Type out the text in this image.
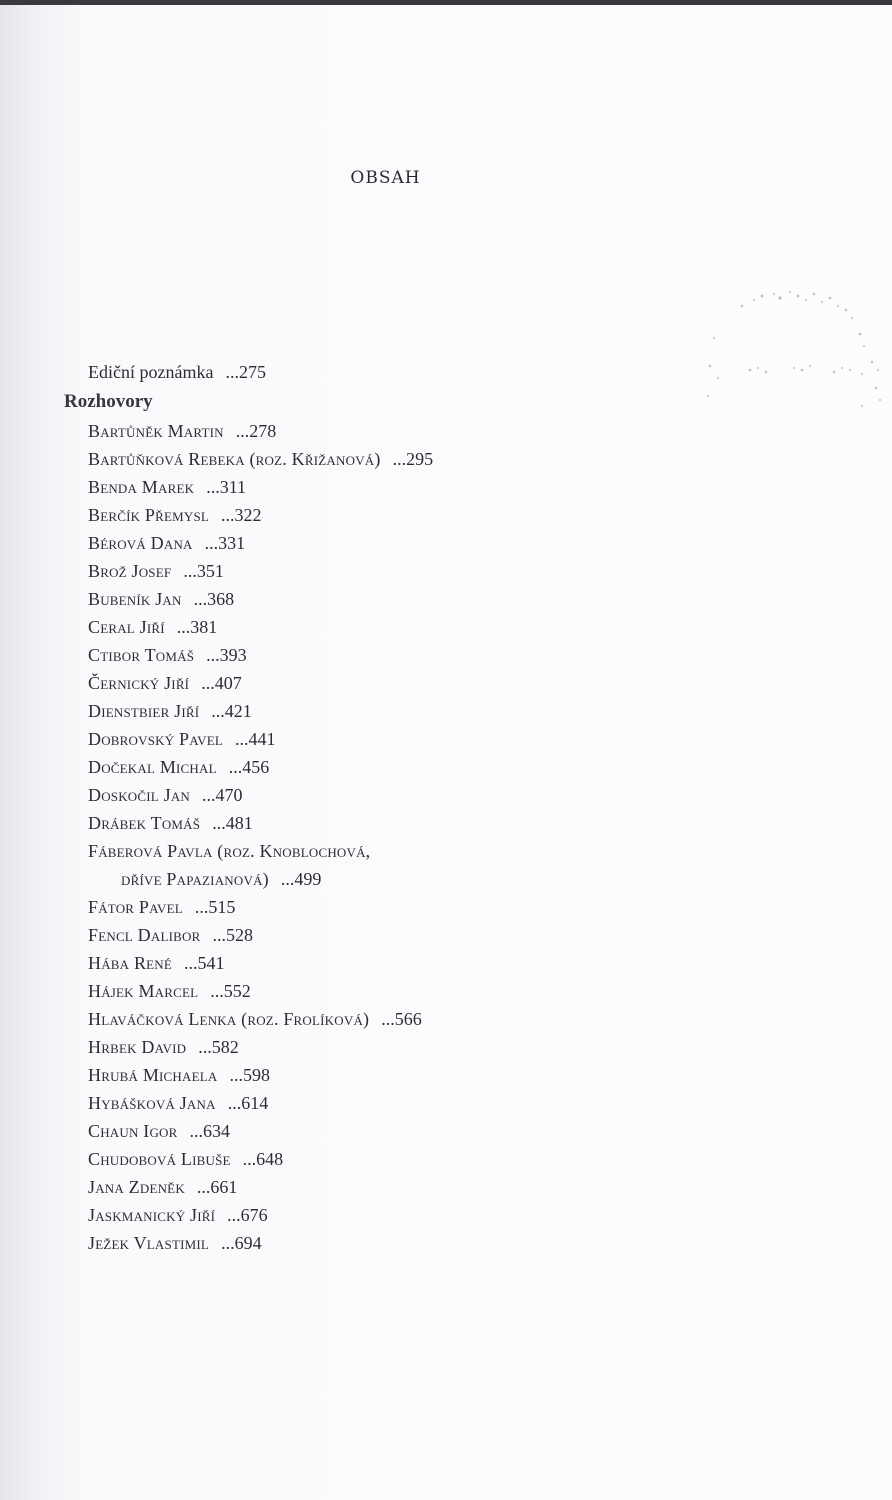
OBSAH
Ediční poznámka ...275
Rozhovory
Bartůněk Martin ...278
Bartůňková Rebeka (roz. Křižanová) ...295
Benda Marek ...311
Berčík Přemysl ...322
Bérová Dana ...331
Brož Josef ...351
Bubeník Jan ...368
Ceral Jiří ...381
Ctibor Tomáš ...393
Černický Jiří ...407
Dienstbier Jiří ...421
Dobrovský Pavel ...441
Dočekal Michal ...456
Doskočil Jan ...470
Drábek Tomáš ...481
Fáberová Pavla (roz. Knoblochová,
dříve Papazianová) ...499
Fátor Pavel ...515
Fencl Dalibor ...528
Hába René ...541
Hájek Marcel ...552
Hlaváčková Lenka (roz. Frolíková) ...566
Hrbek David ...582
Hrubá Michaela ...598
Hybášková Jana ...614
Chaun Igor ...634
Chudobová Libuše ...648
Jana Zdeněk ...661
Jaskmanický Jiří ...676
Ježek Vlastimil ...694
